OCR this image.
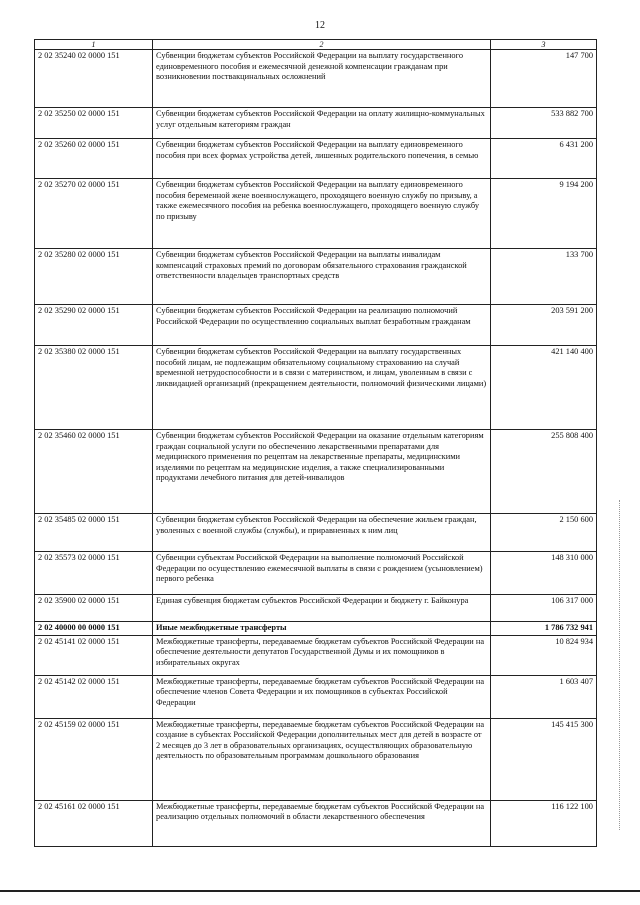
12
1	2	3
2 02 35240 02 0000 151	Субвенции бюджетам субъектов Российской Федерации на выплату государственного единовременного пособия и ежемесячной денежной компенсации гражданам при возникновении поствакцинальных осложнений	147 700
2 02 35250 02 0000 151	Субвенции бюджетам субъектов Российской Федерации на оплату жилищно-коммунальных услуг отдельным категориям граждан	533 882 700
2 02 35260 02 0000 151	Субвенции бюджетам субъектов Российской Федерации на выплату единовременного пособия при всех формах устройства детей, лишенных родительского попечения, в семью	6 431 200
2 02 35270 02 0000 151	Субвенции бюджетам субъектов Российской Федерации на выплату единовременного пособия беременной жене военнослужащего, проходящего военную службу по призыву, а также ежемесячного пособия на ребенка военнослужащего, проходящего военную службу по призыву	9 194 200
2 02 35280 02 0000 151	Субвенции бюджетам субъектов Российской Федерации на выплаты инвалидам компенсаций страховых премий по договорам обязательного страхования гражданской ответственности владельцев транспортных средств	133 700
2 02 35290 02 0000 151	Субвенции бюджетам субъектов Российской Федерации на реализацию полномочий Российской Федерации по осуществлению социальных выплат безработным гражданам	203 591 200
2 02 35380 02 0000 151	Субвенции бюджетам субъектов Российской Федерации на выплату государственных пособий лицам, не подлежащим обязательному социальному страхованию на случай временной нетрудоспособности и в связи с материнством, и лицам, уволенным в связи с ликвидацией организаций (прекращением деятельности, полномочий физическими лицами)	421 140 400
2 02 35460 02 0000 151	Субвенции бюджетам субъектов Российской Федерации на оказание отдельным категориям граждан социальной услуги по обеспечению лекарственными препаратами для медицинского применения по рецептам на лекарственные препараты, медицинскими изделиями по рецептам на медицинские изделия, а также специализированными продуктами лечебного питания для детей-инвалидов	255 808 400
2 02 35485 02 0000 151	Субвенции бюджетам субъектов Российской Федерации на обеспечение жильем граждан, уволенных с военной службы (службы), и приравненных к ним лиц	2 150 600
2 02 35573 02 0000 151	Субвенции субъектам Российской Федерации на выполнение полномочий Российской Федерации по осуществлению ежемесячной выплаты в связи с рождением (усыновлением) первого ребенка	148 310 000
2 02 35900 02 0000 151	Единая субвенция бюджетам субъектов Российской Федерации и бюджету г. Байконура	106 317 000
2 02 40000 00 0000 151	Иные межбюджетные трансферты	1 786 732 941
2 02 45141 02 0000 151	Межбюджетные трансферты, передаваемые бюджетам субъектов Российской Федерации на обеспечение деятельности депутатов Государственной Думы и их помощников в избирательных округах	10 824 934
2 02 45142 02 0000 151	Межбюджетные трансферты, передаваемые бюджетам субъектов Российской Федерации на обеспечение членов Совета Федерации и их помощников в субъектах Российской Федерации	1 603 407
2 02 45159 02 0000 151	Межбюджетные трансферты, передаваемые бюджетам субъектов Российской Федерации на создание в субъектах Российской Федерации дополнительных мест для детей в возрасте от 2 месяцев до 3 лет в образовательных организациях, осуществляющих образовательную деятельность по образовательным программам дошкольного образования	145 415 300
2 02 45161 02 0000 151	Межбюджетные трансферты, передаваемые бюджетам субъектов Российской Федерации на реализацию отдельных полномочий в области лекарственного обеспечения	116 122 100
